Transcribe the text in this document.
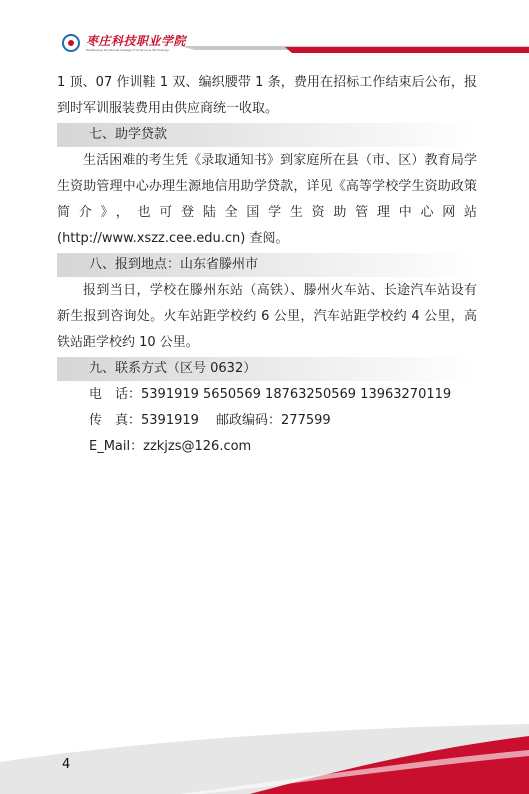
枣庄科技职业学院
Zaozhuang Vocational College of Science & Technology

1 顶、07 作训鞋 1 双、编织腰带 1 条，费用在招标工作结束后公布，报到时军训服装费用由供应商统一收取。

七、助学贷款

生活困难的考生凭《录取通知书》到家庭所在县（市、区）教育局学生资助管理中心办理生源地信用助学贷款，详见《高等学校学生资助政策简介》，也可登陆全国学生资助管理中心网站 (http://www.xszz.cee.edu.cn) 查阅。

八、报到地点：山东省滕州市

报到当日，学校在滕州东站（高铁）、滕州火车站、长途汽车站设有新生报到咨询处。火车站距学校约 6 公里，汽车站距学校约 4 公里，高铁站距学校约 10 公里。

九、联系方式（区号 0632）
电　话：5391919 5650569 18763250569 13963270119
传　真：5391919　 邮政编码：277599
E_Mail：zzkjzs@126.com
4
